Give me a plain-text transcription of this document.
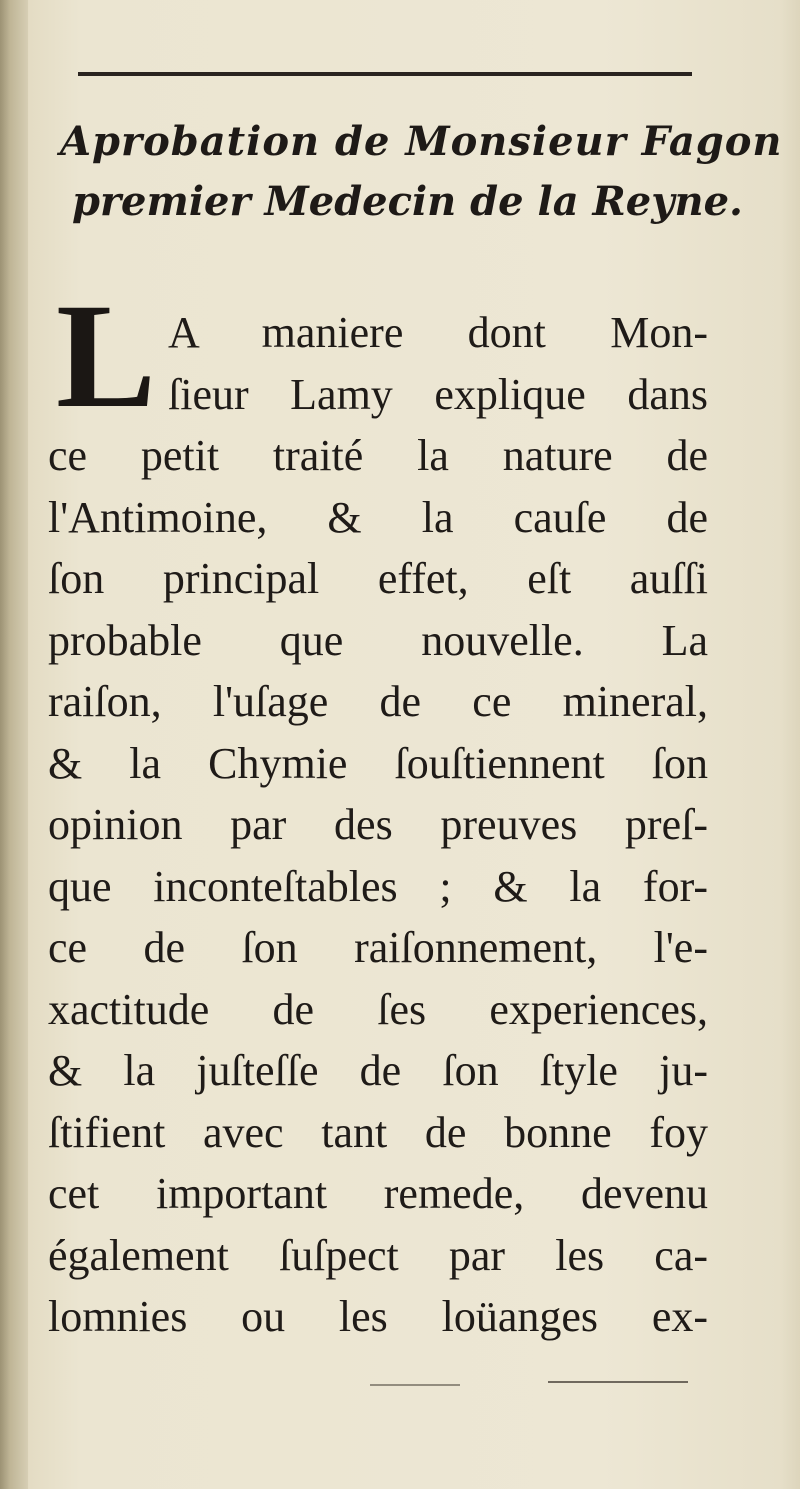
Aprobation de Monsieur Fagon
premier Medecin de la Reyne.
L A maniere dont Mon-
ſieur Lamy explique dans
ce petit traité la nature de
l'Antimoine, & la cauſe de
ſon principal effet, eſt auſſi
probable que nouvelle. La
raiſon, l'uſage de ce mineral,
& la Chymie ſouſtiennent ſon
opinion par des preuves preſ-
que inconteſtables ; & la for-
ce de ſon raiſonnement, l'e-
xactitude de ſes experiences,
& la juſteſſe de ſon ſtyle ju-
ſtifient avec tant de bonne foy
cet important remede, devenu
également ſuſpect par les ca-
lomnies ou les loüanges ex-
